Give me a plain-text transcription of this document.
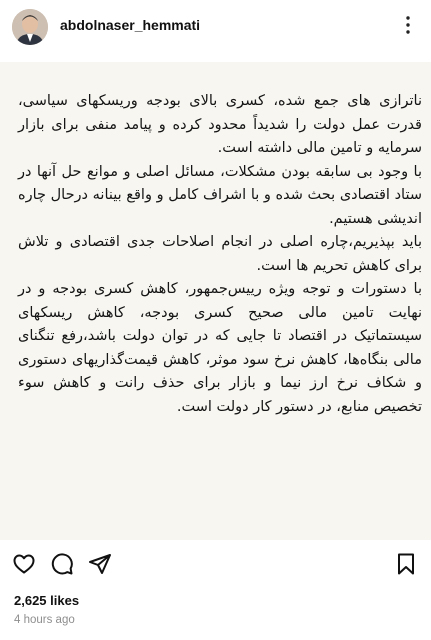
abdolnaser_hemmati

ناترازی های جمع شده، کسری بالای بودجه وریسکهای سیاسی، قدرت عمل دولت را شدیداً محدود کرده و پیامد منفی برای بازار سرمایه و تامین مالی داشته است.

با وجود بی سابقه بودن مشکلات، مسائل اصلی و موانع حل آنها در ستاد اقتصادی بحث شده و با اشراف کامل و واقع بینانه درحال چاره اندیشی هستیم.

باید بپذیریم،چاره اصلی در انجام اصلاحات جدی اقتصادی و تلاش برای کاهش تحریم ها است.

با دستورات و توجه ویژه رییس‌جمهور، کاهش کسری بودجه و در نهایت تامین مالی صحیح کسری بودجه، کاهش ریسکهای سیستماتیک در اقتصاد تا جایی که در توان دولت باشد،رفع تنگنای مالی بنگاه‌ها، کاهش نرخ سود موثر، کاهش قیمت‌گذاریهای دستوری و شکاف نرخ ارز نیما و بازار برای حذف رانت و کاهش سوء تخصیص منابع، در دستور کار دولت است.

2,625 likes
4 hours ago
